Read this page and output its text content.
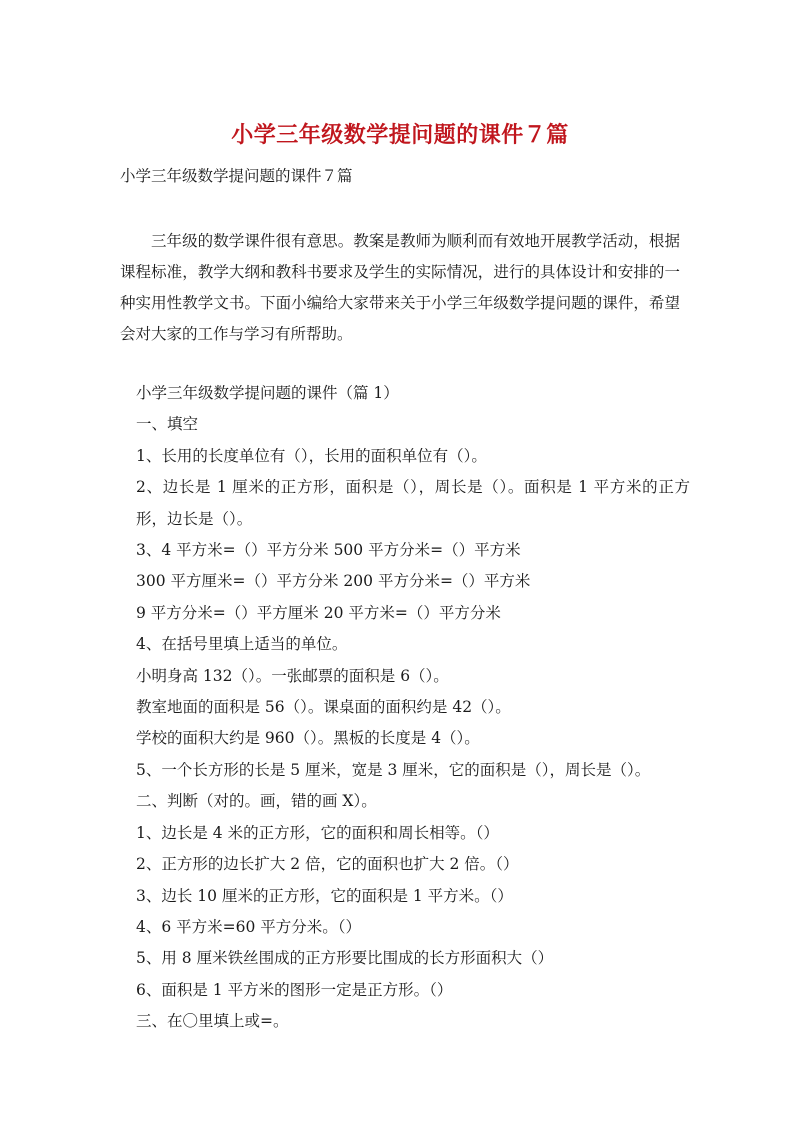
小学三年级数学提问题的课件７篇
小学三年级数学提问题的课件７篇

三年级的数学课件很有意思。教案是教师为顺利而有效地开展教学活动，根据课程标准，教学大纲和教科书要求及学生的实际情况，进行的具体设计和安排的一种实用性教学文书。下面小编给大家带来关于小学三年级数学提问题的课件，希望会对大家的工作与学习有所帮助。

小学三年级数学提问题的课件（篇 1）
一、填空
1、长用的长度单位有（），长用的面积单位有（）。
2、边长是 1 厘米的正方形，面积是（），周长是（）。面积是 1 平方米的正方形，边长是（）。
3、4 平方米=（）平方分米 500 平方分米=（）平方米
300 平方厘米=（）平方分米 200 平方分米=（）平方米
9 平方分米=（）平方厘米 20 平方米=（）平方分米
4、在括号里填上适当的单位。
小明身高 132（）。一张邮票的面积是 6（）。
教室地面的面积是 56（）。课桌面的面积约是 42（）。
学校的面积大约是 960（）。黑板的长度是 4（）。
5、一个长方形的长是 5 厘米，宽是 3 厘米，它的面积是（），周长是（）。
二、判断（对的。画，错的画 X）。
1、边长是 4 米的正方形，它的面积和周长相等。（）
2、正方形的边长扩大 2 倍，它的面积也扩大 2 倍。（）
3、边长 10 厘米的正方形，它的面积是 1 平方米。（）
4、6 平方米=60 平方分米。（）
5、用 8 厘米铁丝围成的正方形要比围成的长方形面积大（）
6、面积是 1 平方米的图形一定是正方形。（）
三、在〇里填上或=。
